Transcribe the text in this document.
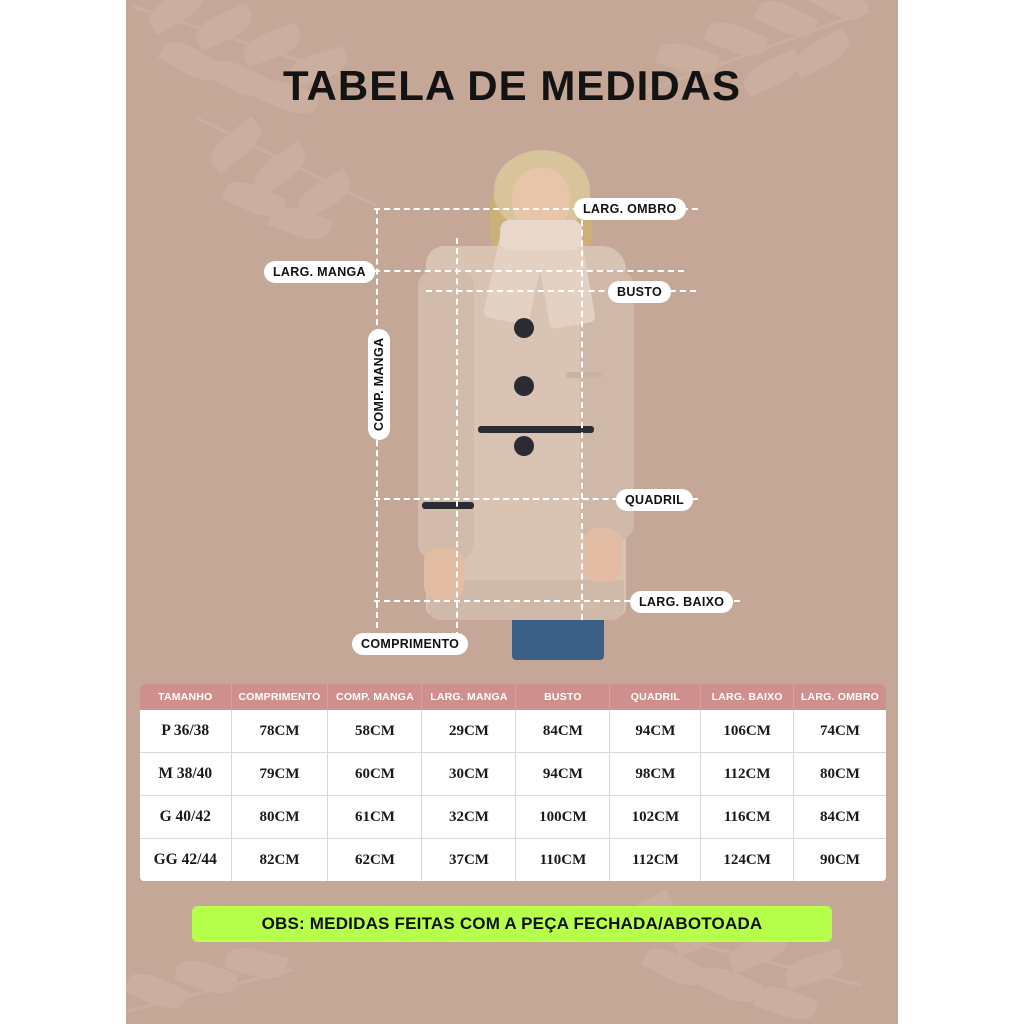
TABELA DE MEDIDAS
LARG. OMBRO
LARG. MANGA
BUSTO
COMP. MANGA
QUADRIL
LARG. BAIXO
COMPRIMENTO
TAMANHO	COMPRIMENTO	COMP. MANGA	LARG. MANGA	BUSTO	QUADRIL	LARG. BAIXO	LARG. OMBRO
P 36/38	78CM	58CM	29CM	84CM	94CM	106CM	74CM
M 38/40	79CM	60CM	30CM	94CM	98CM	112CM	80CM
G 40/42	80CM	61CM	32CM	100CM	102CM	116CM	84CM
GG 42/44	82CM	62CM	37CM	110CM	112CM	124CM	90CM
OBS: MEDIDAS FEITAS COM A PEÇA FECHADA/ABOTOADA
